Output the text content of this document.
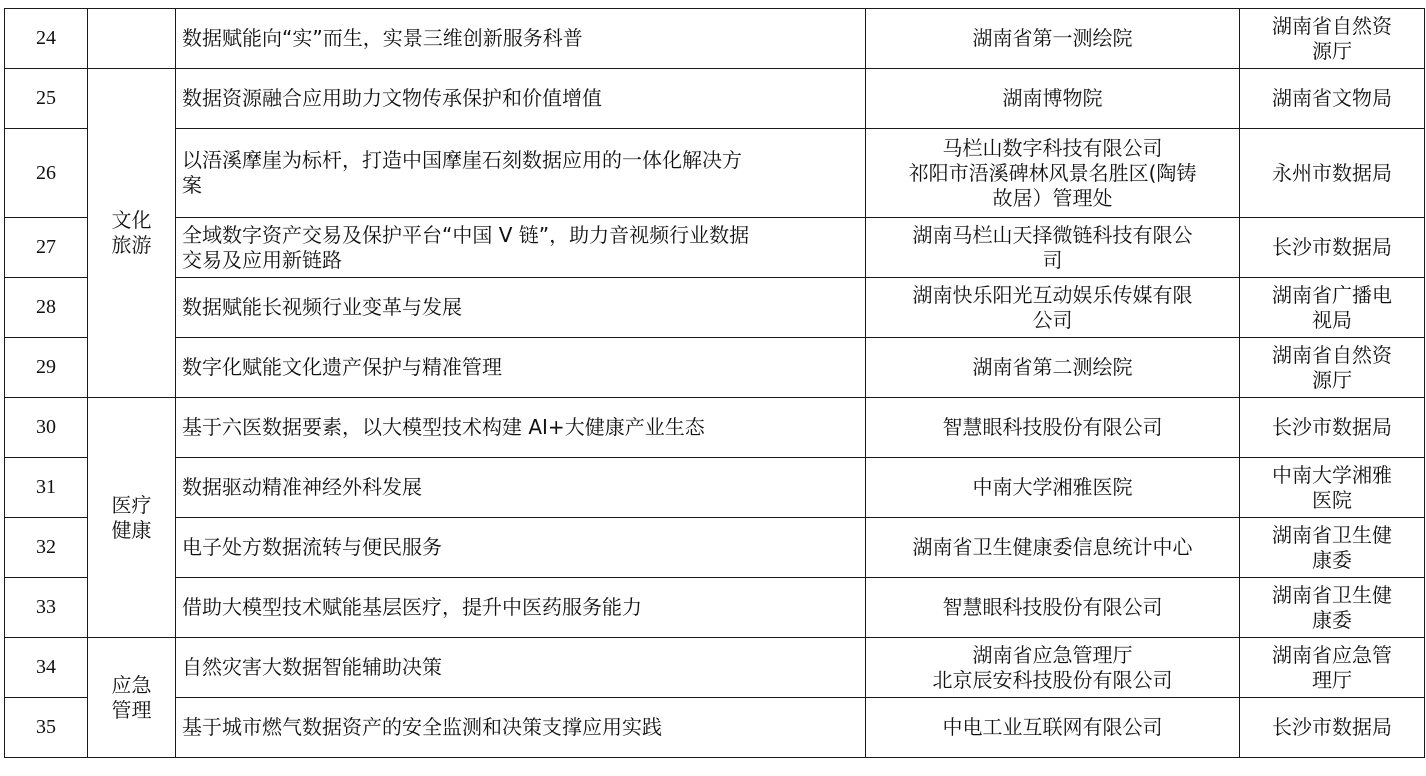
24		数据赋能向“实”而生，实景三维创新服务科普	湖南省第一测绘院	湖南省自然资
源厅

25	文化
旅游	数据资源融合应用助力文物传承保护和价值增值	湖南博物院	湖南省文物局

26		以浯溪摩崖为标杆，打造中国摩崖石刻数据应用的一体化解决方
案	马栏山数字科技有限公司
祁阳市浯溪碑林风景名胜区(陶铸
故居）管理处	永州市数据局

27		全域数字资产交易及保护平台“中国 V 链”，助力音视频行业数据
交易及应用新链路	湖南马栏山天择微链科技有限公
司	长沙市数据局

28		数据赋能长视频行业变革与发展	湖南快乐阳光互动娱乐传媒有限
公司	湖南省广播电
视局

29		数字化赋能文化遗产保护与精准管理	湖南省第二测绘院	湖南省自然资
源厅

30	医疗
健康	基于六医数据要素，以大模型技术构建 AI+大健康产业生态	智慧眼科技股份有限公司	长沙市数据局

31		数据驱动精准神经外科发展	中南大学湘雅医院	中南大学湘雅
医院

32		电子处方数据流转与便民服务	湖南省卫生健康委信息统计中心	湖南省卫生健
康委

33		借助大模型技术赋能基层医疗，提升中医药服务能力	智慧眼科技股份有限公司	湖南省卫生健
康委

34	应急
管理	自然灾害大数据智能辅助决策	湖南省应急管理厅
北京辰安科技股份有限公司	湖南省应急管
理厅

35		基于城市燃气数据资产的安全监测和决策支撑应用实践	中电工业互联网有限公司	长沙市数据局
